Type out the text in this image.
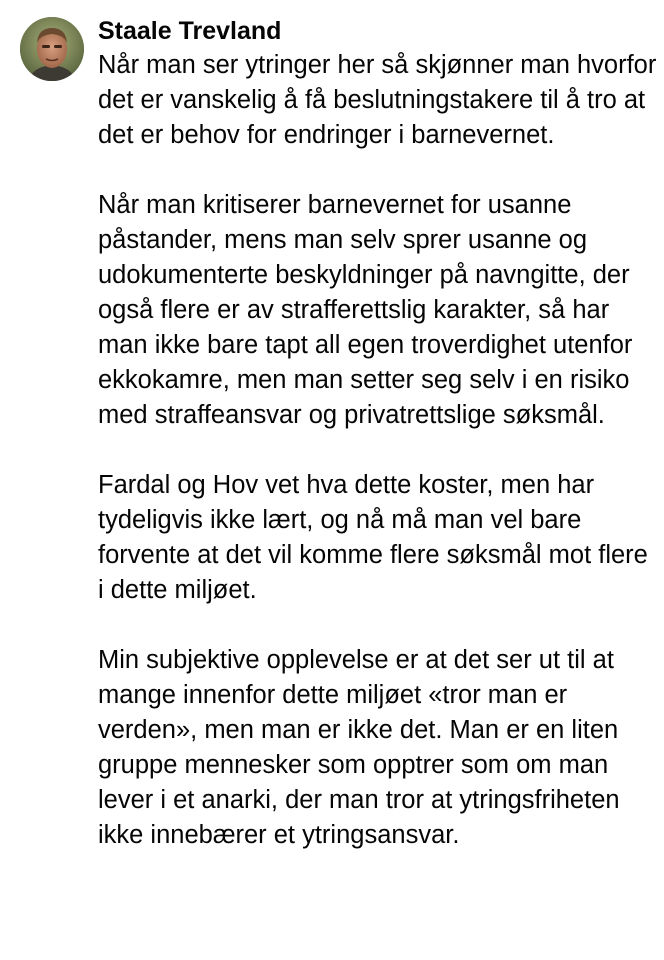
Staale Trevland

Når man ser ytringer her så skjønner man hvorfor det er vanskelig å få beslutningstakere til å tro at det er behov for endringer i barnevernet.

Når man kritiserer barnevernet for usanne påstander, mens man selv sprer usanne og udokumenterte beskyldninger på navngitte, der også flere er av strafferettslig karakter, så har man ikke bare tapt all egen troverdighet utenfor ekkokamre, men man setter seg selv i en risiko med straffeansvar og privatrettslige søksmål.

Fardal og Hov vet hva dette koster, men har tydeligvis ikke lært, og nå må man vel bare forvente at det vil komme flere søksmål mot flere i dette miljøet.

Min subjektive opplevelse er at det ser ut til at mange innenfor dette miljøet «tror man er verden», men man er ikke det. Man er en liten gruppe mennesker som opptrer som om man lever i et anarki, der man tror at ytringsfriheten ikke innebærer et ytringsansvar.
